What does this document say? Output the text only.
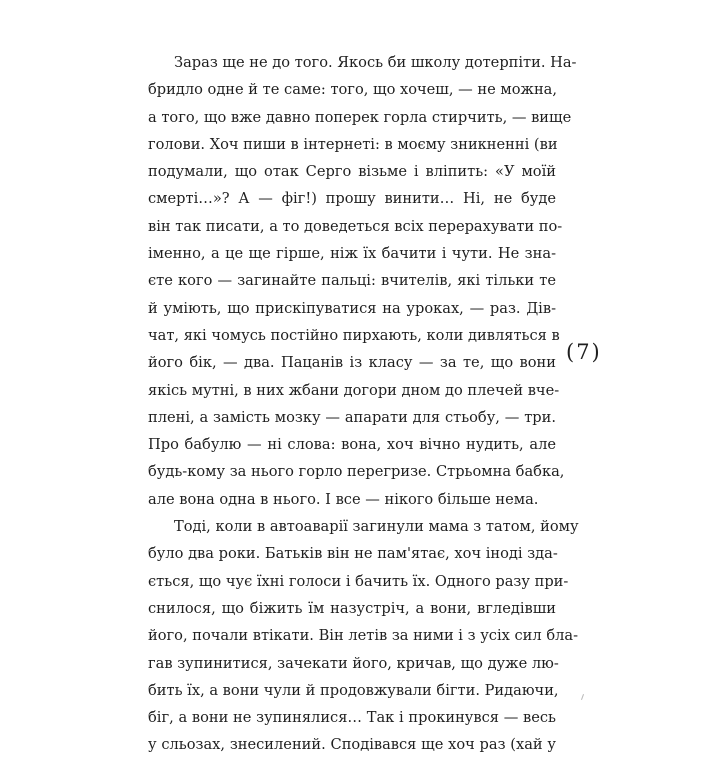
Зараз ще не до того. Якось би школу дотерпіти. На-
бридло одне й те саме: того, що хочеш, — не можна,
а того, що вже давно поперек горла стирчить, — вище
голови. Хоч пиши в інтернеті: в моєму зникненні (ви
подумали, що отак Серго візьме і вліпить: «У моїй
смерті…»? А — фіг!) прошу винити… Ні, не буде
він так писати, а то доведеться всіх перерахувати по-
іменно, а це ще гірше, ніж їх бачити і чути. Не зна-
єте кого — загинайте пальці: вчителів, які тільки те
й уміють, що прискіпуватися на уроках, — раз. Дів-
чат, які чомусь постійно пирхають, коли дивляться в
його бік, — два. Пацанів із класу — за те, що вони
якісь мутні, в них жбани догори дном до плечей вче-
плені, а замість мозку — апарати для стьобу, — три.
Про бабулю — ні слова: вона, хоч вічно нудить, але
будь-кому за нього горло перегризе. Стрьомна бабка,
але вона одна в нього. І все — нікого більше нема.
Тоді, коли в автоаварії загинули мама з татом, йому
було два роки. Батьків він не пам'ятає, хоч іноді зда-
ється, що чує їхні голоси і бачить їх. Одного разу при-
снилося, що біжить їм назустріч, а вони, вгледівши
його, почали втікати. Він летів за ними і з усіх сил бла-
гав зупинитися, зачекати його, кричав, що дуже лю-
бить їх, а вони чули й продовжували бігти. Ридаючи,
біг, а вони не зупинялися… Так і прокинувся — весь
у сльозах, знесилений. Сподівався ще хоч раз (хай у
(7)
